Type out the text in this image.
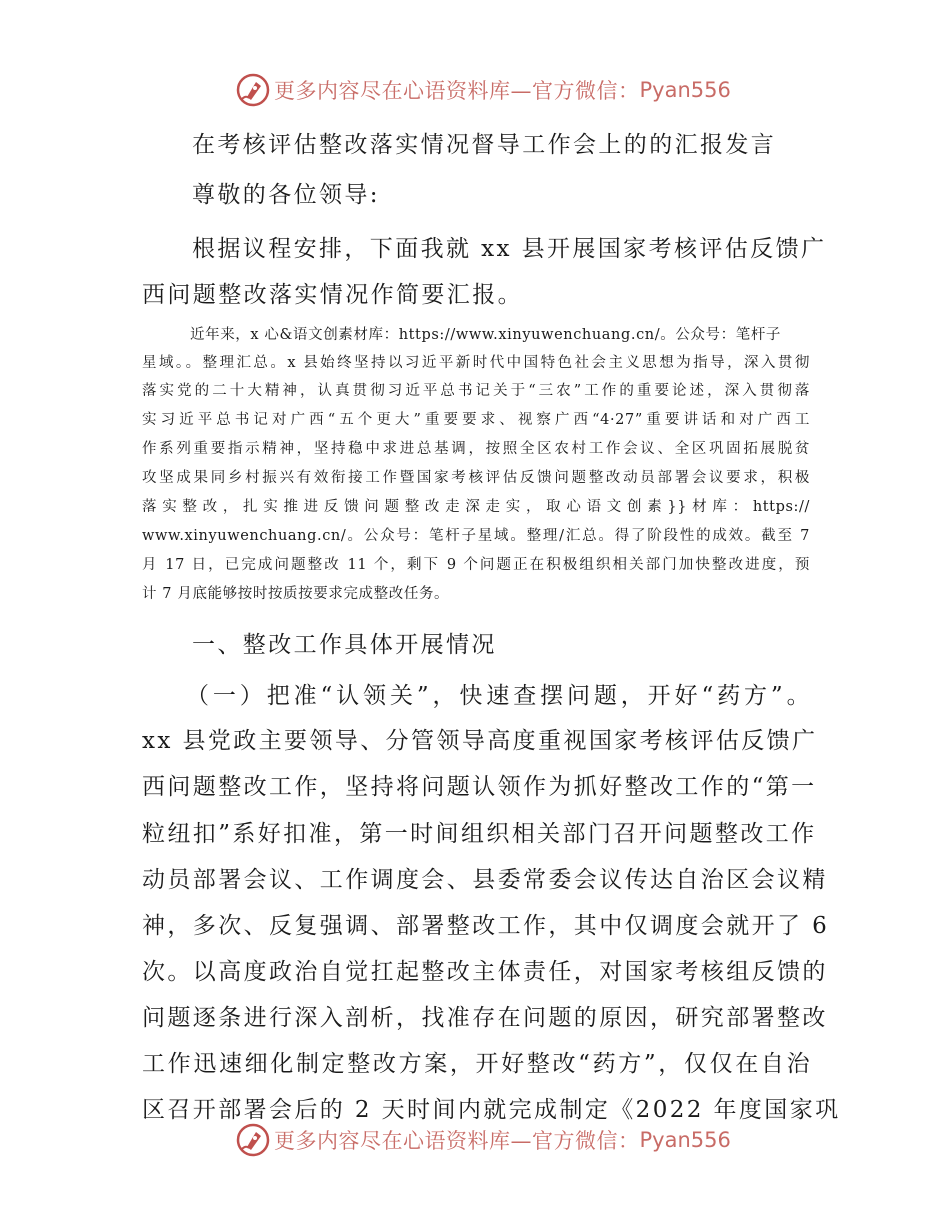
更多内容尽在心语资料库—官方微信： Pyan556
在考核评估整改落实情况督导工作会上的的汇报发言
尊敬的各位领导:
根据议程安排，下面我就 xx 县开展国家考核评估反馈广
西问题整改落实情况作简要汇报。
近年来，x 心&语文创素材库：https://www.xinyuwenchuang.cn/。公众号：笔杆子
星域。。整理汇总。x 县始终坚持以习近平新时代中国特色社会主义思想为指导，深入贯彻
落实党的二十大精神，认真贯彻习近平总书记关于“三农”工作的重要论述，深入贯彻落
实习近平总书记对广西“五个更大”重要要求、视察广西“4·27”重要讲话和对广西工
作系列重要指示精神，坚持稳中求进总基调，按照全区农村工作会议、全区巩固拓展脱贫
攻坚成果同乡村振兴有效衔接工作暨国家考核评估反馈问题整改动员部署会议要求，积极
落实整改，扎实推进反馈问题整改走深走实，取心语文创素}}材库：https://
www.xinyuwenchuang.cn/。公众号：笔杆子星域。整理/汇总。得了阶段性的成效。截至 7
月 17 日，已完成问题整改 11 个，剩下 9 个问题正在积极组织相关部门加快整改进度，预
计 7 月底能够按时按质按要求完成整改任务。
一、整改工作具体开展情况
（一）把准“认领关”，快速查摆问题，开好“药方”。
xx 县党政主要领导、分管领导高度重视国家考核评估反馈广
西问题整改工作，坚持将问题认领作为抓好整改工作的“第一
粒纽扣”系好扣准，第一时间组织相关部门召开问题整改工作
动员部署会议、工作调度会、县委常委会议传达自治区会议精
神，多次、反复强调、部署整改工作，其中仅调度会就开了 6
次。以高度政治自觉扛起整改主体责任，对国家考核组反馈的
问题逐条进行深入剖析，找准存在问题的原因，研究部署整改
工作迅速细化制定整改方案，开好整改“药方”，仅仅在自治
区召开部署会后的 2 天时间内就完成制定《2022 年度国家巩
更多内容尽在心语资料库—官方微信： Pyan556
